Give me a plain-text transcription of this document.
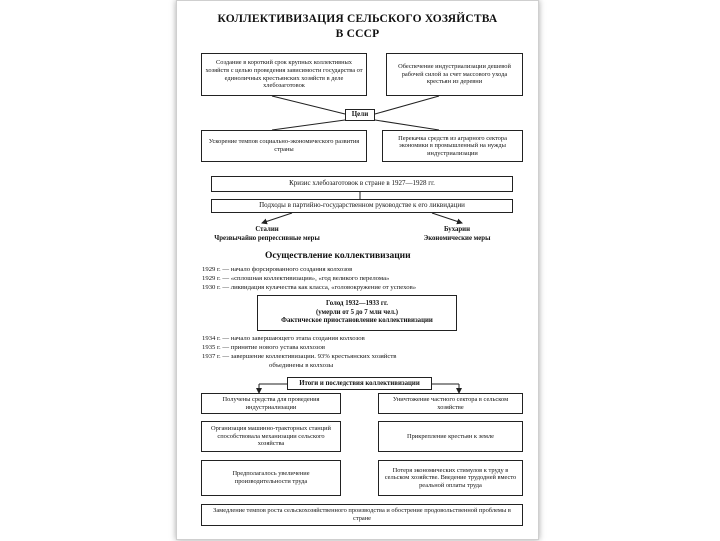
КОЛЛЕКТИВИЗАЦИЯ СЕЛЬСКОГО ХОЗЯЙСТВА
В СССР
Создание в короткий срок крупных коллективных хозяйств с целью проведения зависимости государства от единоличных крестьянских хозяйств в деле хлебозаготовок
Обеспечение индустриализации дешевой рабочей силой за счет массового ухода крестьян из деревни
Цели
Ускорение темпов социально-экономического развития страны
Перекачка средств из аграрного сектора экономики в промышленный на нужды индустриализации
Кризис хлебозаготовок в стране в 1927—1928 гг.
Подходы в партийно-государственном руководстве к его ликвидации
Сталин
Чрезвычайно репрессивные меры
Бухарин
Экономические меры
Осуществление коллективизации
1929 г. — начало форсированного создания колхозов
1929 г. — «сплошная коллективизация», «год великого перелома»
1930 г. — ликвидация кулачества как класса, «головокружение от успехов»
Голод 1932—1933 гг.
(умерли от 5 до 7 млн чел.)
Фактическое приостановление коллективизации
1934 г. — начало завершающего этапа создания колхозов
1935 г. — принятие нового устава колхозов
1937 г. — завершение коллективизации. 93% крестьянских хозяйств
объединены в колхозы
Итоги и последствия коллективизации
Получены средства для проведения индустриализации
Уничтожение частного сектора в сельском хозяйстве
Организация машинно-тракторных станций способствовала механизации сельского хозяйства
Прикрепление крестьян к земле
Предполагалось увеличение производительности труда
Потеря экономических стимулов к труду в сельском хозяйстве. Введение трудодней вместо реальной оплаты труда
Замедление темпов роста сельскохозяйственного производства и обострение продовольственной проблемы в стране
